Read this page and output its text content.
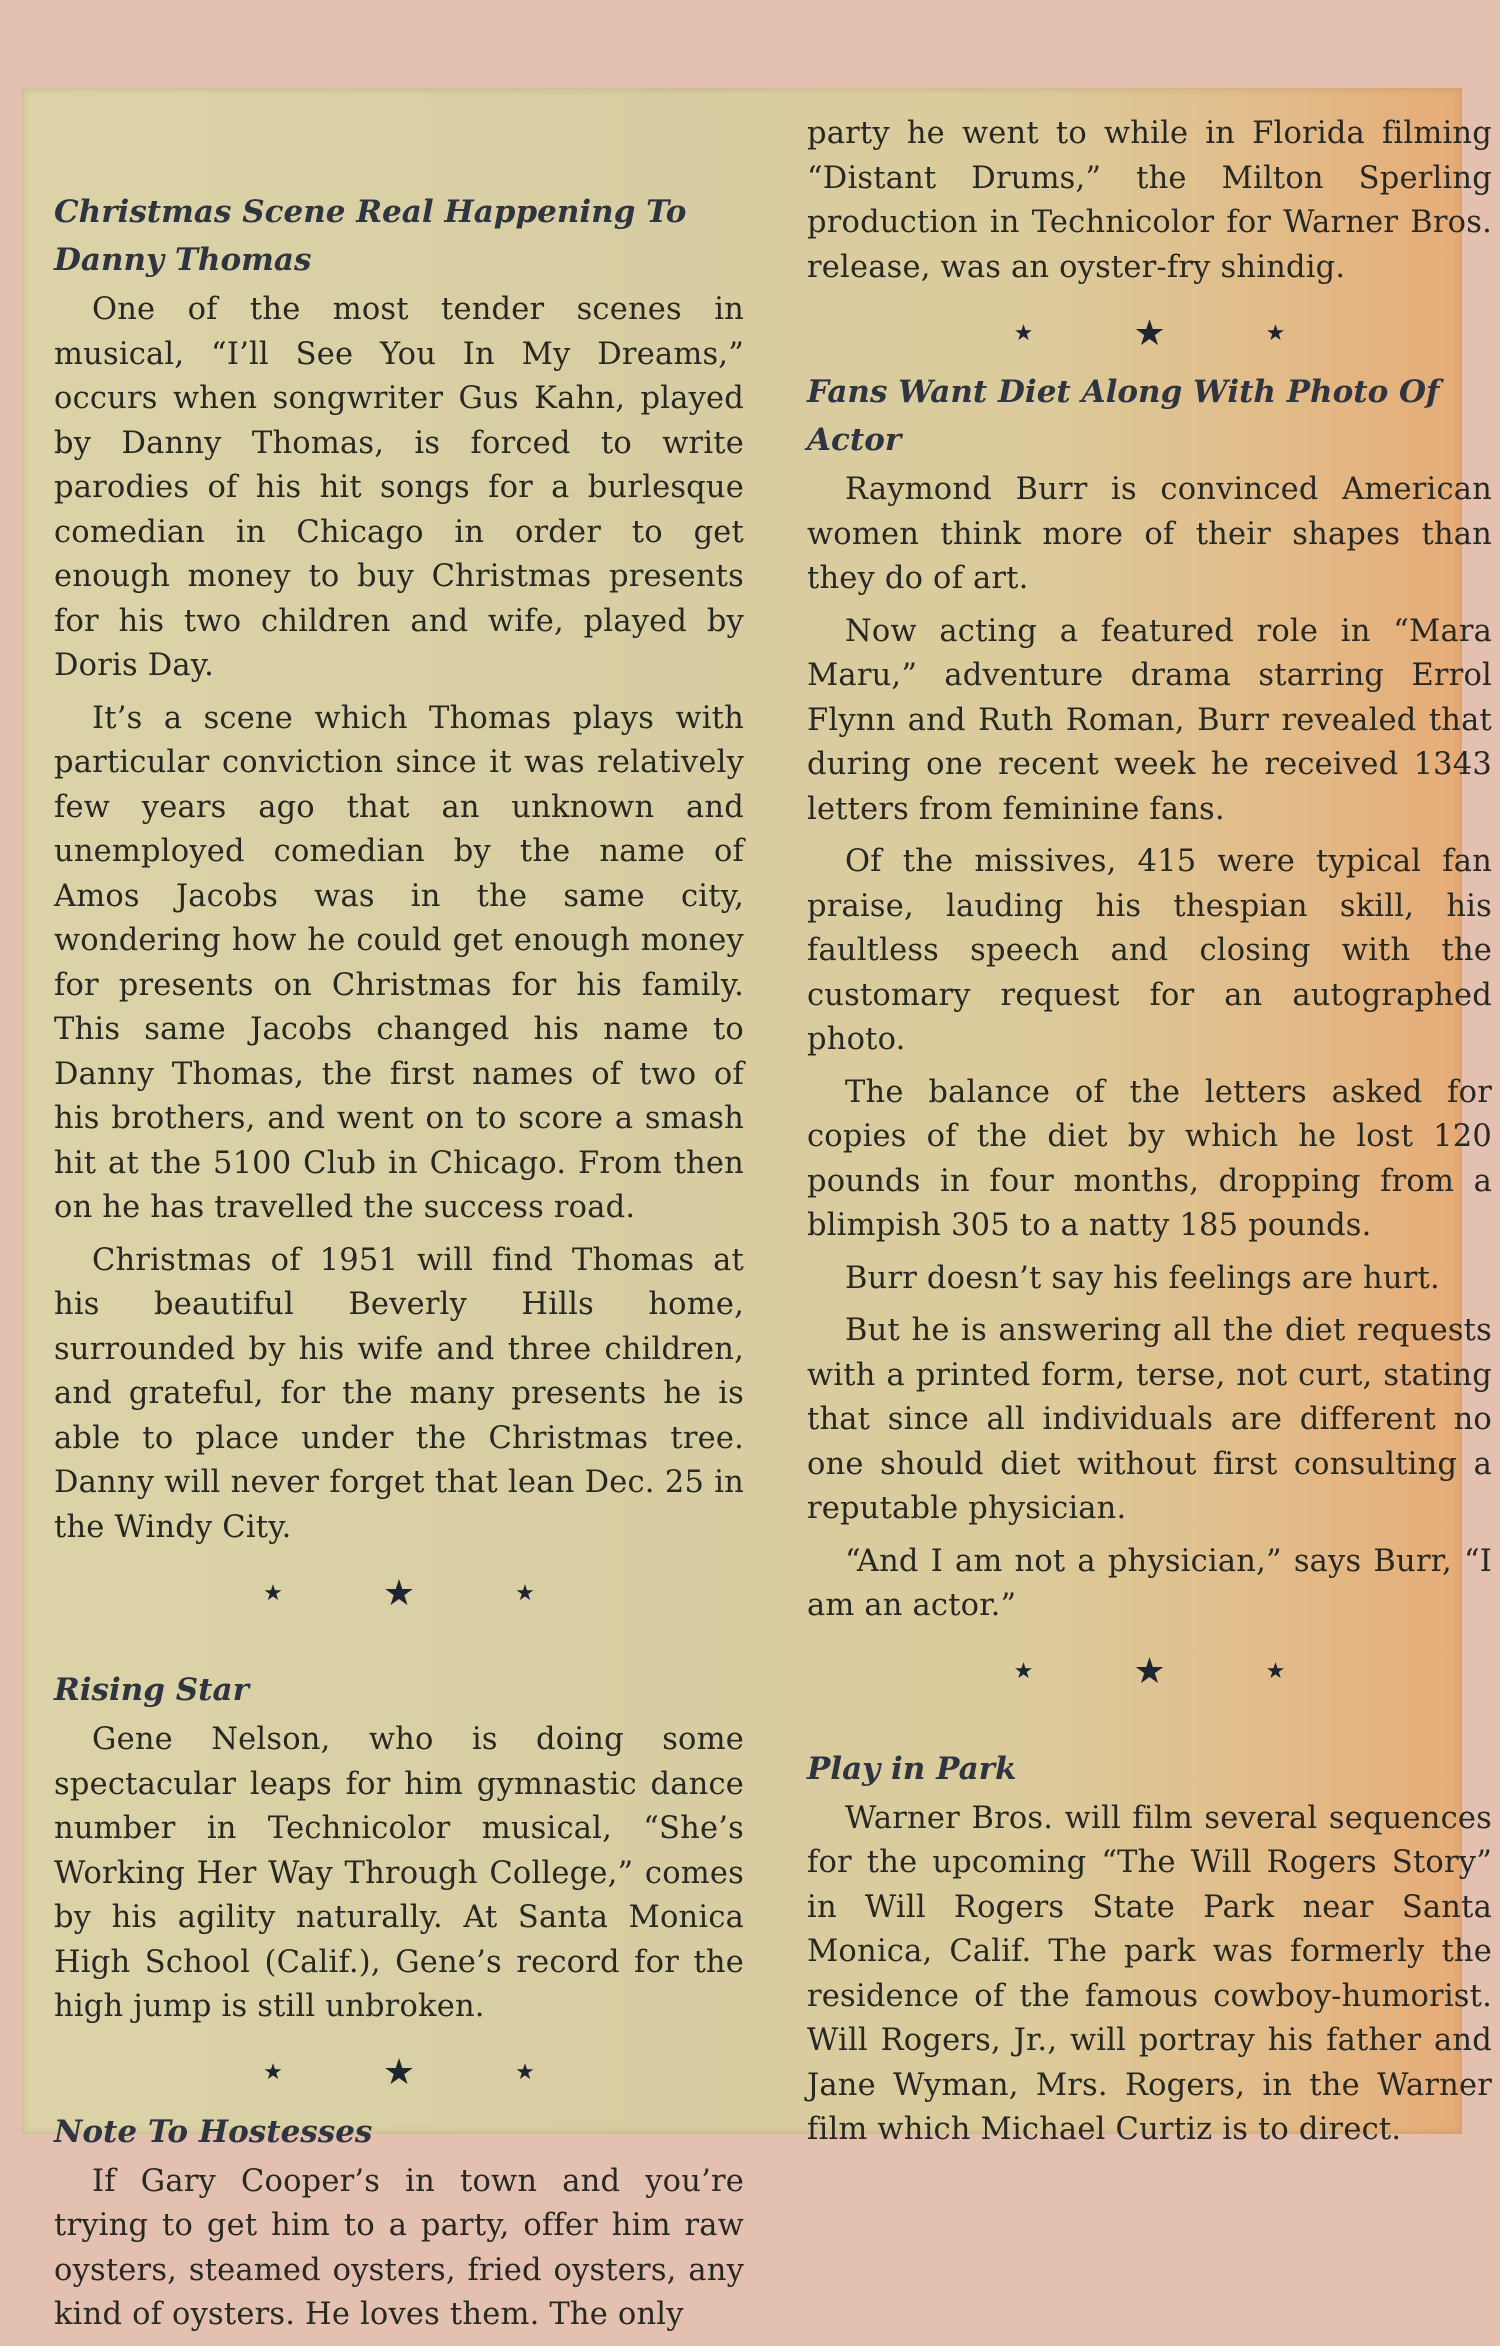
Christmas Scene Real Happening To Danny Thomas

One of the most tender scenes in musical, “I’ll See You In My Dreams,” occurs when songwriter Gus Kahn, played by Danny Thomas, is forced to write parodies of his hit songs for a burlesque comedian in Chicago in order to get enough money to buy Christmas presents for his two children and wife, played by Doris Day.

It’s a scene which Thomas plays with particular conviction since it was relatively few years ago that an unknown and unemployed comedian by the name of Amos Jacobs was in the same city, wondering how he could get enough money for presents on Christmas for his family. This same Jacobs changed his name to Danny Thomas, the first names of two of his brothers, and went on to score a smash hit at the 5100 Club in Chicago. From then on he has travelled the success road.

Christmas of 1951 will find Thomas at his beautiful Beverly Hills home, surrounded by his wife and three children, and grateful, for the many presents he is able to place under the Christmas tree. Danny will never forget that lean Dec. 25 in the Windy City.

★	★	★
Rising Star

Gene Nelson, who is doing some spectacular leaps for him gymnastic dance number in Technicolor musical, “She’s Working Her Way Through College,” comes by his agility naturally. At Santa Monica High School (Calif.), Gene’s record for the high jump is still unbroken.

★	★	★
Note To Hostesses

If Gary Cooper’s in town and you’re trying to get him to a party, offer him raw oysters, steamed oysters, fried oysters, any kind of oysters. He loves them. The only

party he went to while in Florida filming “Distant Drums,” the Milton Sperling production in Technicolor for Warner Bros. release, was an oyster-fry shindig.

★	★	★
Fans Want Diet Along With Photo Of Actor

Raymond Burr is convinced American women think more of their shapes than they do of art.

Now acting a featured role in “Mara Maru,” adventure drama starring Errol Flynn and Ruth Roman, Burr revealed that during one recent week he received 1343 letters from feminine fans.

Of the missives, 415 were typical fan praise, lauding his thespian skill, his faultless speech and closing with the customary request for an autographed photo.

The balance of the letters asked for copies of the diet by which he lost 120 pounds in four months, dropping from a blimpish 305 to a natty 185 pounds.

Burr doesn’t say his feelings are hurt.

But he is answering all the diet requests with a printed form, terse, not curt, stating that since all individuals are different no one should diet without first consulting a reputable physician.

“And I am not a physician,” says Burr, “I am an actor.”

★	★	★
Play in Park

Warner Bros. will film several sequences for the upcoming “The Will Rogers Story” in Will Rogers State Park near Santa Monica, Calif. The park was formerly the residence of the famous cowboy-humorist. Will Rogers, Jr., will portray his father and Jane Wyman, Mrs. Rogers, in the Warner film which Michael Curtiz is to direct.
